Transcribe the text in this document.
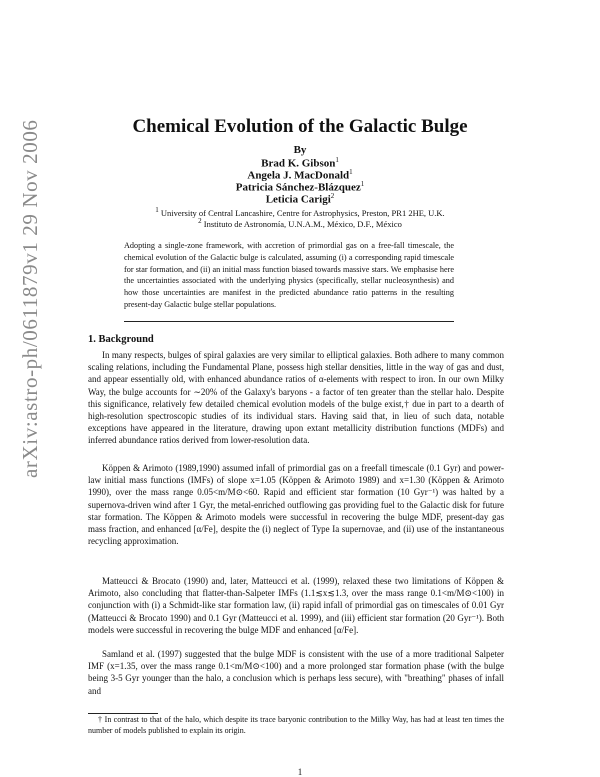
arXiv:astro-ph/0611879v1 29 Nov 2006	Chemical Evolution of the Galactic Bulge
By
Brad K. Gibson$^1$
Angela J. MacDonald$^1$
Patricia Sánchez-Blázquez$^1$
Leticia Carigi$^2$
$^1$ University of Central Lancashire, Centre for Astrophysics, Preston, PR1 2HE, U.K.
$^2$ Instituto de Astronomía, U.N.A.M., México, D.F., México
Adopting a single-zone framework, with accretion of primordial gas on a free-fall timescale, the chemical evolution of the Galactic bulge is calculated, assuming (i) a corresponding rapid timescale for star formation, and (ii) an initial mass function biased towards massive stars. We emphasise here the uncertainties associated with the underlying physics (specifically, stellar nucleosynthesis) and how those uncertainties are manifest in the predicted abundance ratio patterns in the resulting present-day Galactic bulge stellar populations.
1. Background
In many respects, bulges of spiral galaxies are very similar to elliptical galaxies. Both adhere to many common scaling relations, including the Fundamental Plane, possess high stellar densities, little in the way of gas and dust, and appear essentially old, with enhanced abundance ratios of α-elements with respect to iron. In our own Milky Way, the bulge accounts for ∼20% of the Galaxy's baryons - a factor of ten greater than the stellar halo. Despite this significance, relatively few detailed chemical evolution models of the bulge exist,† due in part to a dearth of high-resolution spectroscopic studies of its individual stars. Having said that, in lieu of such data, notable exceptions have appeared in the literature, drawing upon extant metallicity distribution functions (MDFs) and inferred abundance ratios derived from lower-resolution data.
Köppen & Arimoto (1989,1990) assumed infall of primordial gas on a freefall timescale (0.1 Gyr) and power-law initial mass functions (IMFs) of slope x=1.05 (Köppen & Arimoto 1989) and x=1.30 (Köppen & Arimoto 1990), over the mass range 0.05<m/M⊙<60. Rapid and efficient star formation (10 Gyr⁻¹) was halted by a supernova-driven wind after 1 Gyr, the metal-enriched outflowing gas providing fuel to the Galactic disk for future star formation. The Köppen & Arimoto models were successful in recovering the bulge MDF, present-day gas mass fraction, and enhanced [α/Fe], despite the (i) neglect of Type Ia supernovae, and (ii) use of the instantaneous recycling approximation.
Matteucci & Brocato (1990) and, later, Matteucci et al. (1999), relaxed these two limitations of Köppen & Arimoto, also concluding that flatter-than-Salpeter IMFs (1.1≲x≲1.3, over the mass range 0.1<m/M⊙<100) in conjunction with (i) a Schmidt-like star formation law, (ii) rapid infall of primordial gas on timescales of 0.01 Gyr (Matteucci & Brocato 1990) and 0.1 Gyr (Matteucci et al. 1999), and (iii) efficient star formation (20 Gyr⁻¹). Both models were successful in recovering the bulge MDF and enhanced [α/Fe].
Samland et al. (1997) suggested that the bulge MDF is consistent with the use of a more traditional Salpeter IMF (x=1.35, over the mass range 0.1<m/M⊙<100) and a more prolonged star formation phase (with the bulge being 3-5 Gyr younger than the halo, a conclusion which is perhaps less secure), with "breathing" phases of infall and
† In contrast to that of the halo, which despite its trace baryonic contribution to the Milky Way, has had at least ten times the number of models published to explain its origin.
1
